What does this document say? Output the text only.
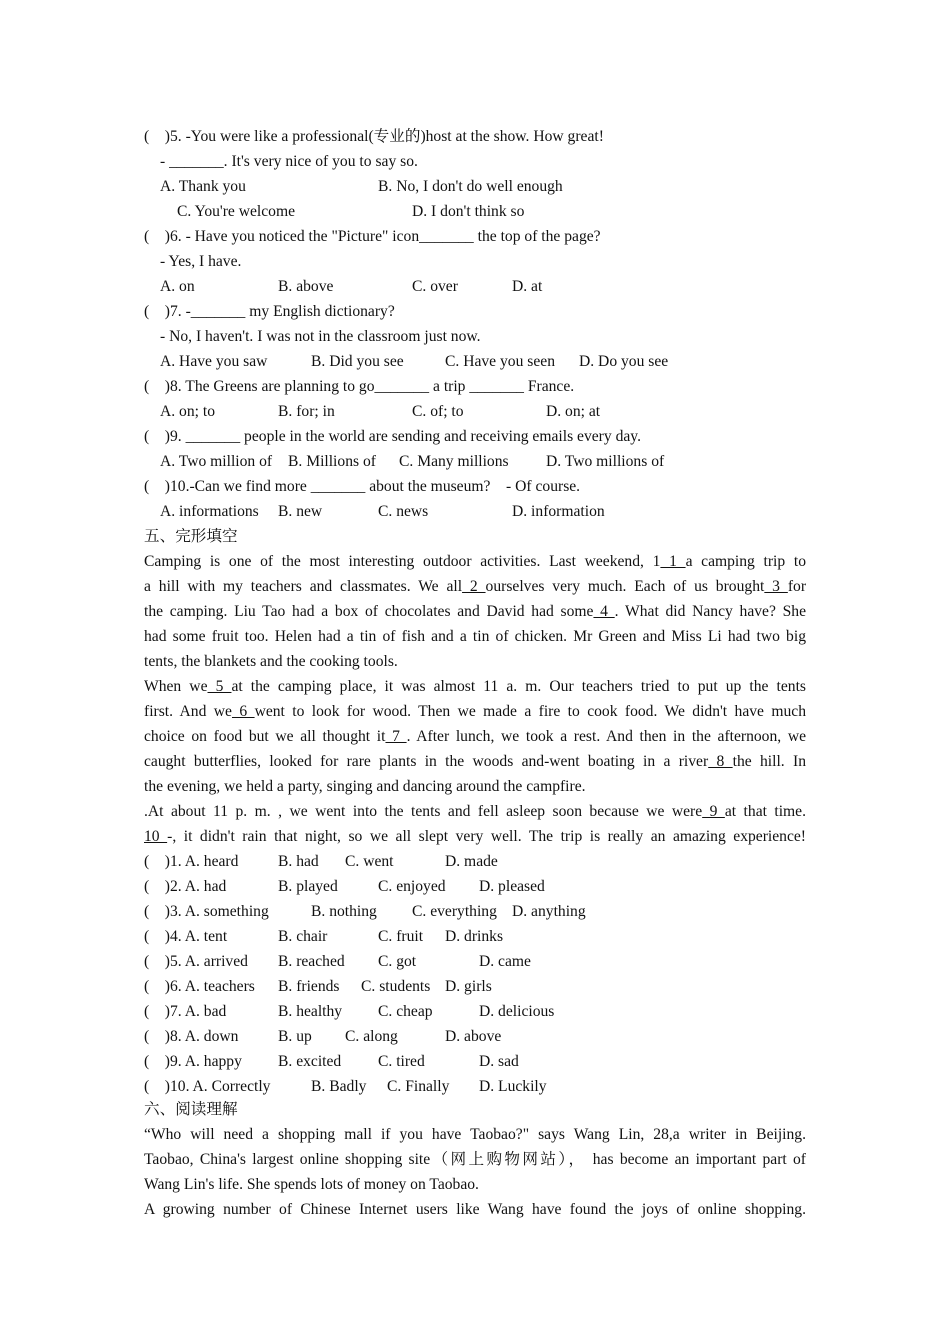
(    )5. -You were like a professional(专业的)host at the show. How great!
- _______. It's very nice of you to say so.
A. Thank you	B. No, I don't do well enough
C. You're welcome	D. I don't think so
(    )6. - Have you noticed the "Picture" icon_______ the top of the page?
- Yes, I have.
A. on	B. above	C. over	D. at
(    )7. -_______ my English dictionary?
- No, I haven't. I was not in the classroom just now.
A. Have you saw	B. Did you see	C. Have you seen D. Do you see
(    )8. The Greens are planning to go_______ a trip _______ France.
A. on; to	B. for; in	C. of; to	D. on; at
(    )9. _______ people in the world are sending and receiving emails every day.
A. Two million of B. Millions of C. Many millions D. Two millions of
(    )10.-Can we find more _______ about the museum?    - Of course.
A. informations B. new	C. news	D. information
五、完形填空
Camping is one of the most interesting outdoor activities. Last weekend, 1 1 a camping trip to
a hill with my teachers and classmates. We all 2 ourselves very much. Each of us brought 3 for
the camping. Liu Tao had a box of chocolates and David had some 4 . What did Nancy have? She
had some fruit too. Helen had a tin of fish and a tin of chicken. Mr Green and Miss Li had two big
tents, the blankets and the cooking tools.
When we 5 at the camping place, it was almost 11 a. m. Our teachers tried to put up the tents
first. And we 6 went to look for wood. Then we made a fire to cook food. We didn't have much
choice on food but we all thought it 7 . After lunch, we took a rest. And then in the afternoon, we
caught butterflies, looked for rare plants in the woods and-went boating in a river 8 the hill. In
the evening, we held a party, singing and dancing around the campfire.
.At about 11 p. m. , we went into the tents and fell asleep soon because we were 9 at that time.
10 -, it didn't rain that night, so we all slept very well. The trip is really an amazing experience!
(    )1. A. heard	B. had C. went	D. made
(    )2. A. had	B. played	C. enjoyed D. pleased
(    )3. A. something	B. nothing C. everything D. anything
(    )4. A. tent	B. chair	C. fruit D. drinks
(    )5. A. arrived B. reached C. got	D. came
(    )6. A. teachers B. friends C. students D. girls
(    )7. A. bad	B. healthy C. cheap	D. delicious
(    )8. A. down	B. up C. along	D. above
(    )9. A. happy B. excited C. tired	D. sad
(    )10. A. Correctly	B. Badly C. Finally D. Luckily
六、阅读理解
“Who will need a shopping mall if you have Taobao?" says Wang Lin, 28,a writer in Beijing.
Taobao, China's largest online shopping site（网上购物网站）， has become an important part of
Wang Lin's life. She spends lots of money on Taobao.
A growing number of Chinese Internet users like Wang have found the joys of online shopping.
